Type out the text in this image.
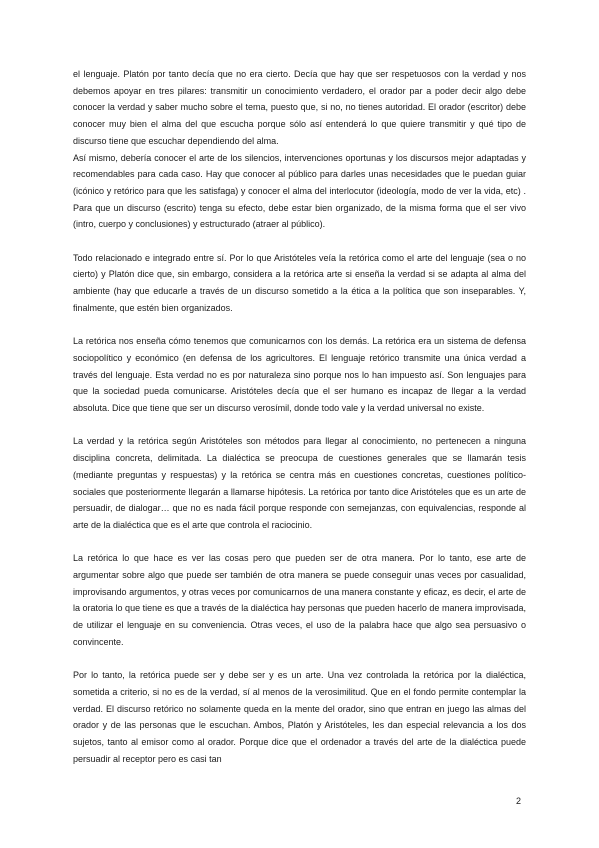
el lenguaje. Platón por tanto decía que no era cierto. Decía que hay que ser respetuosos con la verdad y nos debemos apoyar en tres pilares: transmitir un conocimiento verdadero, el orador par a poder decir algo debe conocer la verdad y saber mucho sobre el tema, puesto que, si no, no tienes autoridad. El orador (escritor) debe conocer muy bien el alma del que escucha porque sólo así entenderá lo que quiere transmitir y qué tipo de discurso tiene que escuchar dependiendo del alma.

Así mismo, debería conocer el arte de los silencios, intervenciones oportunas y los discursos mejor adaptadas y recomendables para cada caso. Hay que conocer al público para darles unas necesidades que le puedan guiar (icónico y retórico para que les satisfaga) y conocer el alma del interlocutor (ideología, modo de ver la vida, etc) . Para que un discurso (escrito) tenga su efecto, debe estar bien organizado, de la misma forma que el ser vivo (intro, cuerpo y conclusiones) y estructurado (atraer al público).

Todo relacionado e integrado entre sí. Por lo que Aristóteles veía la retórica como el arte del lenguaje (sea o no cierto) y Platón dice que, sin embargo, considera a la retórica arte si enseña la verdad si se adapta al alma del ambiente (hay que educarle a través de un discurso sometido a la ética a la política que son inseparables. Y, finalmente, que estén bien organizados.

La retórica nos enseña cómo tenemos que comunicarnos con los demás. La retórica era un sistema de defensa sociopolítico y económico (en defensa de los agricultores. El lenguaje retórico transmite una única verdad a través del lenguaje. Esta verdad no es por naturaleza sino porque nos lo han impuesto así. Son lenguajes para que la sociedad pueda comunicarse. Aristóteles decía que el ser humano es incapaz de llegar a la verdad absoluta. Dice que tiene que ser un discurso verosímil, donde todo vale y la verdad universal no existe.

La verdad y la retórica según Aristóteles son métodos para llegar al conocimiento, no pertenecen a ninguna disciplina concreta, delimitada. La dialéctica se preocupa de cuestiones generales que se llamarán tesis (mediante preguntas y respuestas) y la retórica se centra más en cuestiones concretas, cuestiones político-sociales que posteriormente llegarán a llamarse hipótesis. La retórica por tanto dice Aristóteles que es un arte de persuadir, de dialogar… que no es nada fácil porque responde con semejanzas, con equivalencias, responde al arte de la dialéctica que es el arte que controla el raciocinio.

La retórica lo que hace es ver las cosas pero que pueden ser de otra manera. Por lo tanto, ese arte de argumentar sobre algo que puede ser también de otra manera se puede conseguir unas veces por casualidad, improvisando argumentos, y otras veces por comunicarnos de una manera constante y eficaz, es decir, el arte de la oratoria lo que tiene es que a través de la dialéctica hay personas que pueden hacerlo de manera improvisada, de utilizar el lenguaje en su conveniencia. Otras veces, el uso de la palabra hace que algo sea persuasivo o convincente.

Por lo tanto, la retórica puede ser y debe ser y es un arte. Una vez controlada la retórica por la dialéctica, sometida a criterio, si no es de la verdad, sí al menos de la verosimilitud. Que en el fondo permite contemplar la verdad. El discurso retórico no solamente queda en la mente del orador, sino que entran en juego las almas del orador y de las personas que le escuchan. Ambos, Platón y Aristóteles, les dan especial relevancia a los dos sujetos, tanto al emisor como al orador. Porque dice que el ordenador a través del arte de la dialéctica puede persuadir al receptor pero es casi tan

2
